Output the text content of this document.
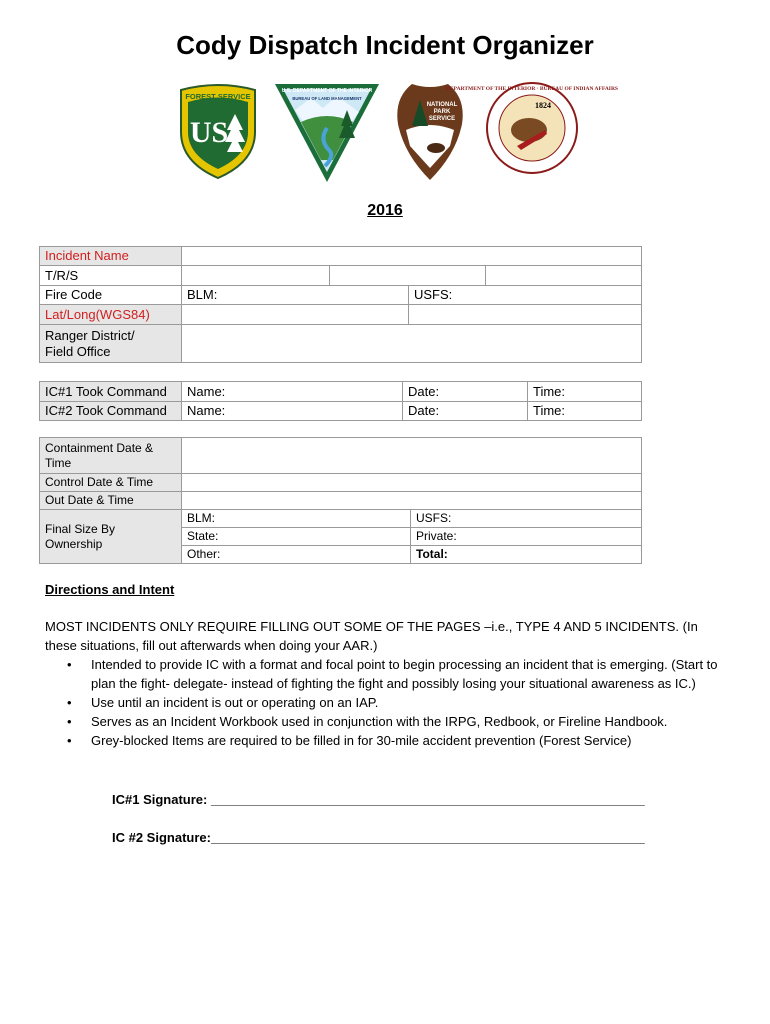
Cody Dispatch Incident Organizer
FOREST SERVICE
US
U.S. DEPARTMENT OF THE INTERIOR
BUREAU OF LAND MANAGEMENT
NATIONAL
PARK
SERVICE
DEPARTMENT OF THE INTERIOR · BUREAU OF INDIAN AFFAIRS
1824
2016
Incident Name				
T/R/S				
Fire Code	BLM:		USFS:	
Lat/Long(WGS84)				

Ranger District/
Field Office				

IC#1 Took Command	Name:	Date:	Time:
IC#2 Took Command	Name:	Date:	Time:
Containment Date &
Time		

Control Date & Time		
Out Date & Time		

Final Size By
Ownership	BLM:	USFS:
	State:	Private:
	Other:	Total:
Directions and Intent
MOST INCIDENTS ONLY REQUIRE FILLING OUT SOME OF THE PAGES –i.e., TYPE 4 AND 5 INCIDENTS. (In these situations, fill out afterwards when doing your AAR.)
• Intended to provide IC with a format and focal point to begin processing an incident that is emerging. (Start to plan the fight- delegate- instead of fighting the fight and possibly losing your situational awareness as IC.)
• Use until an incident is out or operating on an IAP.
• Serves as an Incident Workbook used in conjunction with the IRPG, Redbook, or Fireline Handbook.
• Grey-blocked Items are required to be filled in for 30-mile accident prevention (Forest Service)
IC#1 Signature: ____________________________________________________________
IC #2 Signature:____________________________________________________________
